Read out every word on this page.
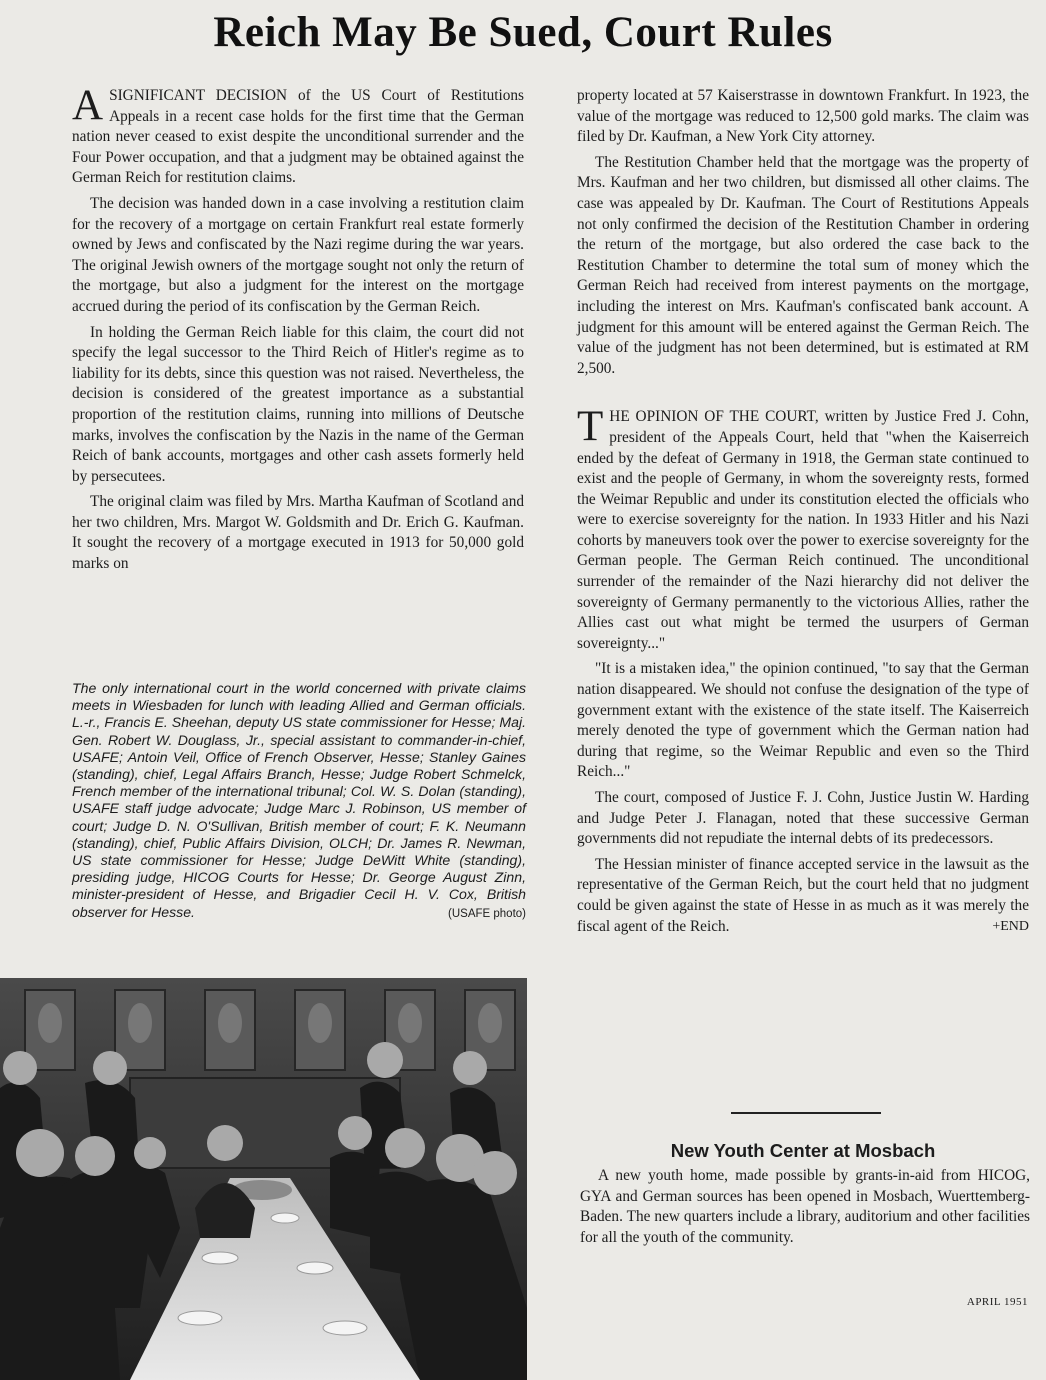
Reich May Be Sued, Court Rules

ASIGNIFICANT DECISION of the US Court of Restitutions Appeals in a recent case holds for the first time that the German nation never ceased to exist despite the unconditional surrender and the Four Power occupation, and that a judgment may be obtained against the German Reich for restitution claims.

The decision was handed down in a case involving a restitution claim for the recovery of a mortgage on certain Frankfurt real estate formerly owned by Jews and confiscated by the Nazi regime during the war years. The original Jewish owners of the mortgage sought not only the return of the mortgage, but also a judgment for the interest on the mortgage accrued during the period of its confiscation by the German Reich.

In holding the German Reich liable for this claim, the court did not specify the legal successor to the Third Reich of Hitler's regime as to liability for its debts, since this question was not raised. Nevertheless, the decision is considered of the greatest importance as a substantial proportion of the restitution claims, running into millions of Deutsche marks, involves the confiscation by the Nazis in the name of the German Reich of bank accounts, mortgages and other cash assets formerly held by persecutees.

The original claim was filed by Mrs. Martha Kaufman of Scotland and her two children, Mrs. Margot W. Goldsmith and Dr. Erich G. Kaufman. It sought the recovery of a mortgage executed in 1913 for 50,000 gold marks on

The only international court in the world concerned with private claims meets in Wiesbaden for lunch with leading Allied and German officials. L.-r., Francis E. Sheehan, deputy US state commissioner for Hesse; Maj. Gen. Robert W. Douglass, Jr., special assistant to commander-in-chief, USAFE; Antoin Veil, Office of French Observer, Hesse; Stanley Gaines (standing), chief, Legal Affairs Branch, Hesse; Judge Robert Schmelck, French member of the international tribunal; Col. W. S. Dolan (standing), USAFE staff judge advocate; Judge Marc J. Robinson, US member of court; Judge D. N. O'Sullivan, British member of court; F. K. Neumann (standing), chief, Public Affairs Division, OLCH; Dr. James R. Newman, US state commissioner for Hesse; Judge DeWitt White (standing), presiding judge, HICOG Courts for Hesse; Dr. George August Zinn, minister-president of Hesse, and Brigadier Cecil H. V. Cox, British observer for Hesse.	(USAFE photo)

property located at 57 Kaiserstrasse in downtown Frankfurt. In 1923, the value of the mortgage was reduced to 12,500 gold marks. The claim was filed by Dr. Kaufman, a New York City attorney.

The Restitution Chamber held that the mortgage was the property of Mrs. Kaufman and her two children, but dismissed all other claims. The case was appealed by Dr. Kaufman. The Court of Restitutions Appeals not only confirmed the decision of the Restitution Chamber in ordering the return of the mortgage, but also ordered the case back to the Restitution Chamber to determine the total sum of money which the German Reich had received from interest payments on the mortgage, including the interest on Mrs. Kaufman's confiscated bank account. A judgment for this amount will be entered against the German Reich. The value of the judgment has not been determined, but is estimated at RM 2,500.

THE OPINION OF THE COURT, written by Justice Fred J. Cohn, president of the Appeals Court, held that "when the Kaiserreich ended by the defeat of Germany in 1918, the German state continued to exist and the people of Germany, in whom the sovereignty rests, formed the Weimar Republic and under its constitution elected the officials who were to exercise sovereignty for the nation. In 1933 Hitler and his Nazi cohorts by maneuvers took over the power to exercise sovereignty for the German people. The German Reich continued. The unconditional surrender of the remainder of the Nazi hierarchy did not deliver the sovereignty of Germany permanently to the victorious Allies, rather the Allies cast out what might be termed the usurpers of German sovereignty..."

"It is a mistaken idea," the opinion continued, "to say that the German nation disappeared. We should not confuse the designation of the type of government extant with the existence of the state itself. The Kaiserreich merely denoted the type of government which the German nation had during that regime, so the Weimar Republic and even so the Third Reich..."

The court, composed of Justice F. J. Cohn, Justice Justin W. Harding and Judge Peter J. Flanagan, noted that these successive German governments did not repudiate the internal debts of its predecessors.

The Hessian minister of finance accepted service in the lawsuit as the representative of the German Reich, but the court held that no judgment could be given against the state of Hesse in as much as it was merely the fiscal agent of the Reich.	+END

New Youth Center at Mosbach

A new youth home, made possible by grants-in-aid from HICOG, GYA and German sources has been opened in Mosbach, Wuerttemberg-Baden. The new quarters include a library, auditorium and other facilities for all the youth of the community.

APRIL 1951
